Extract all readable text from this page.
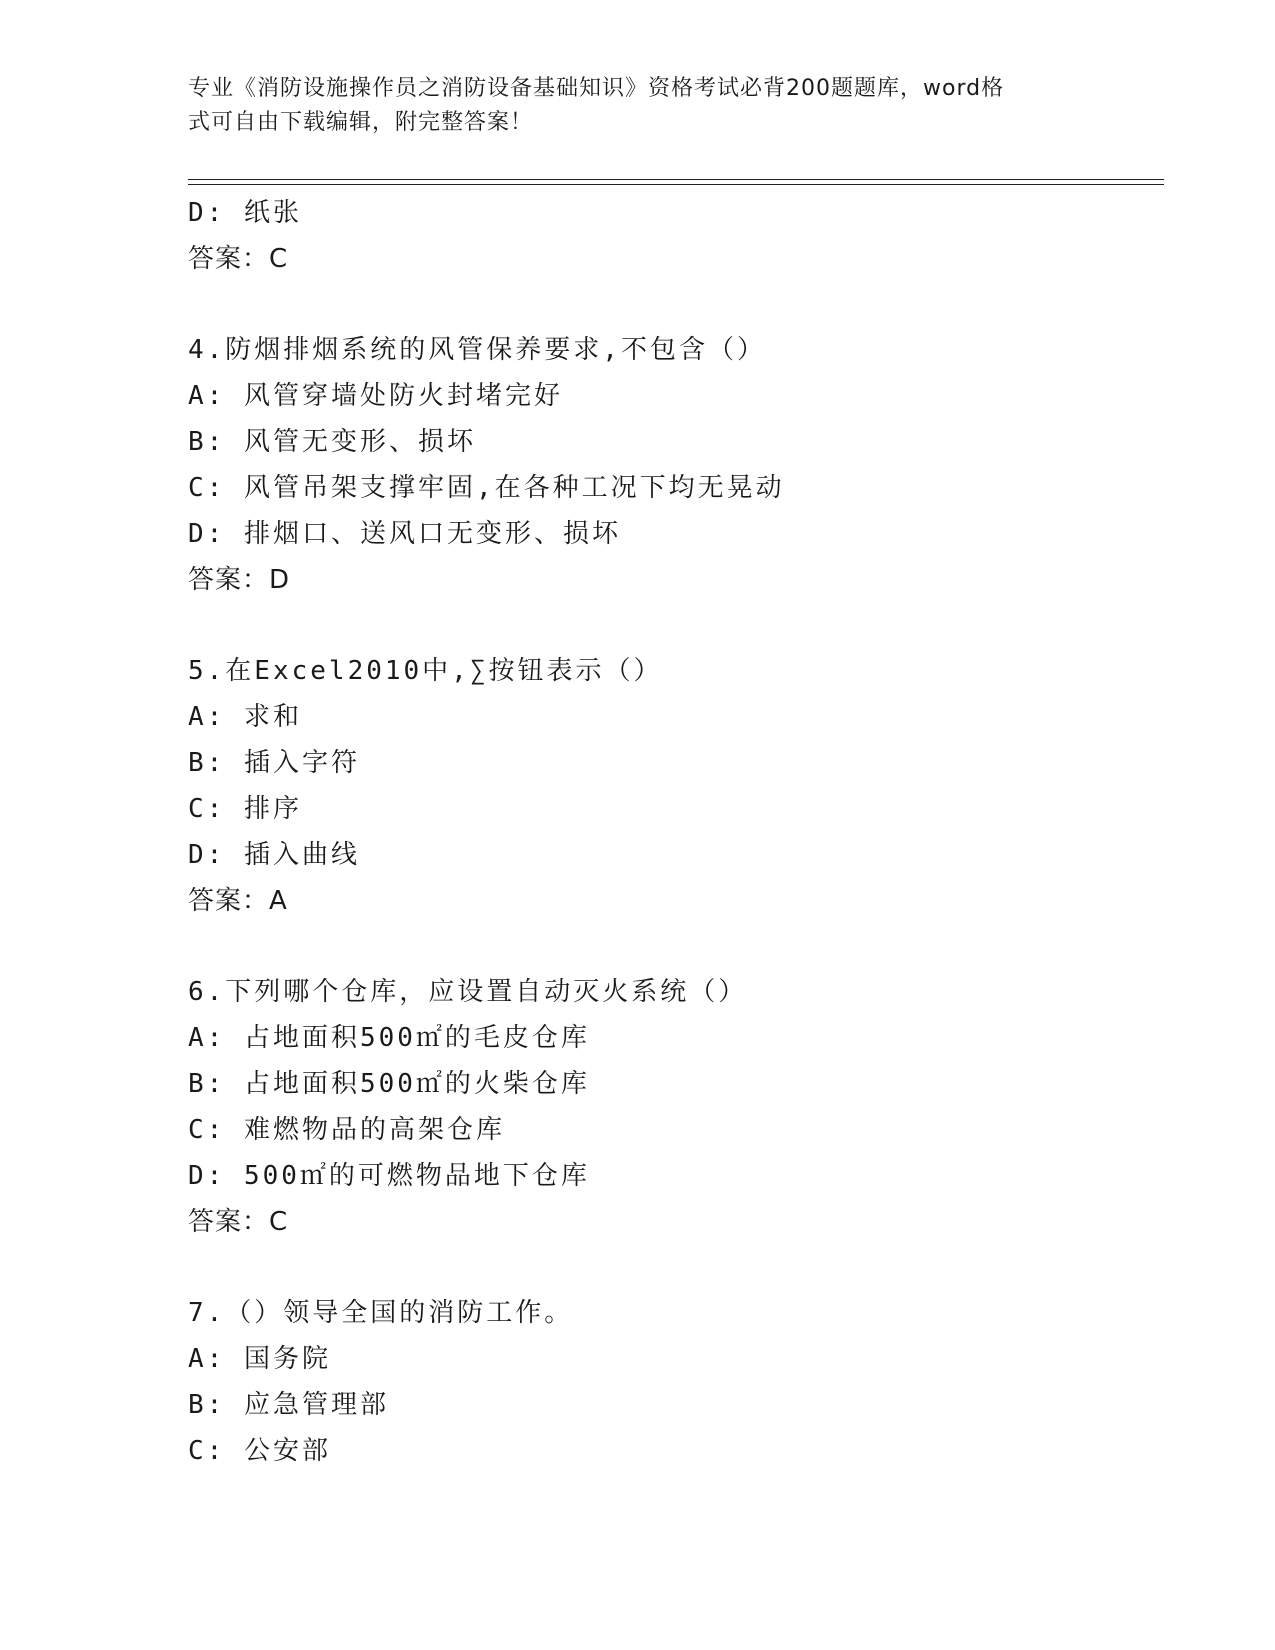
专业《消防设施操作员之消防设备基础知识》资格考试必背200题题库，word格
式可自由下载编辑，附完整答案！
D: 纸张
答案：C
4.防烟排烟系统的风管保养要求,不包含（）
A: 风管穿墙处防火封堵完好
B: 风管无变形、损坏
C: 风管吊架支撑牢固,在各种工况下均无晃动
D: 排烟口、送风口无变形、损坏
答案：D
5.在Excel2010中,∑按钮表示（）
A: 求和
B: 插入字符
C: 排序
D: 插入曲线
答案：A
6.下列哪个仓库，应设置自动灭火系统（）
A: 占地面积500㎡的毛皮仓库
B: 占地面积500㎡的火柴仓库
C: 难燃物品的高架仓库
D: 500㎡的可燃物品地下仓库
答案：C
7.（）领导全国的消防工作。
A: 国务院
B: 应急管理部
C: 公安部
